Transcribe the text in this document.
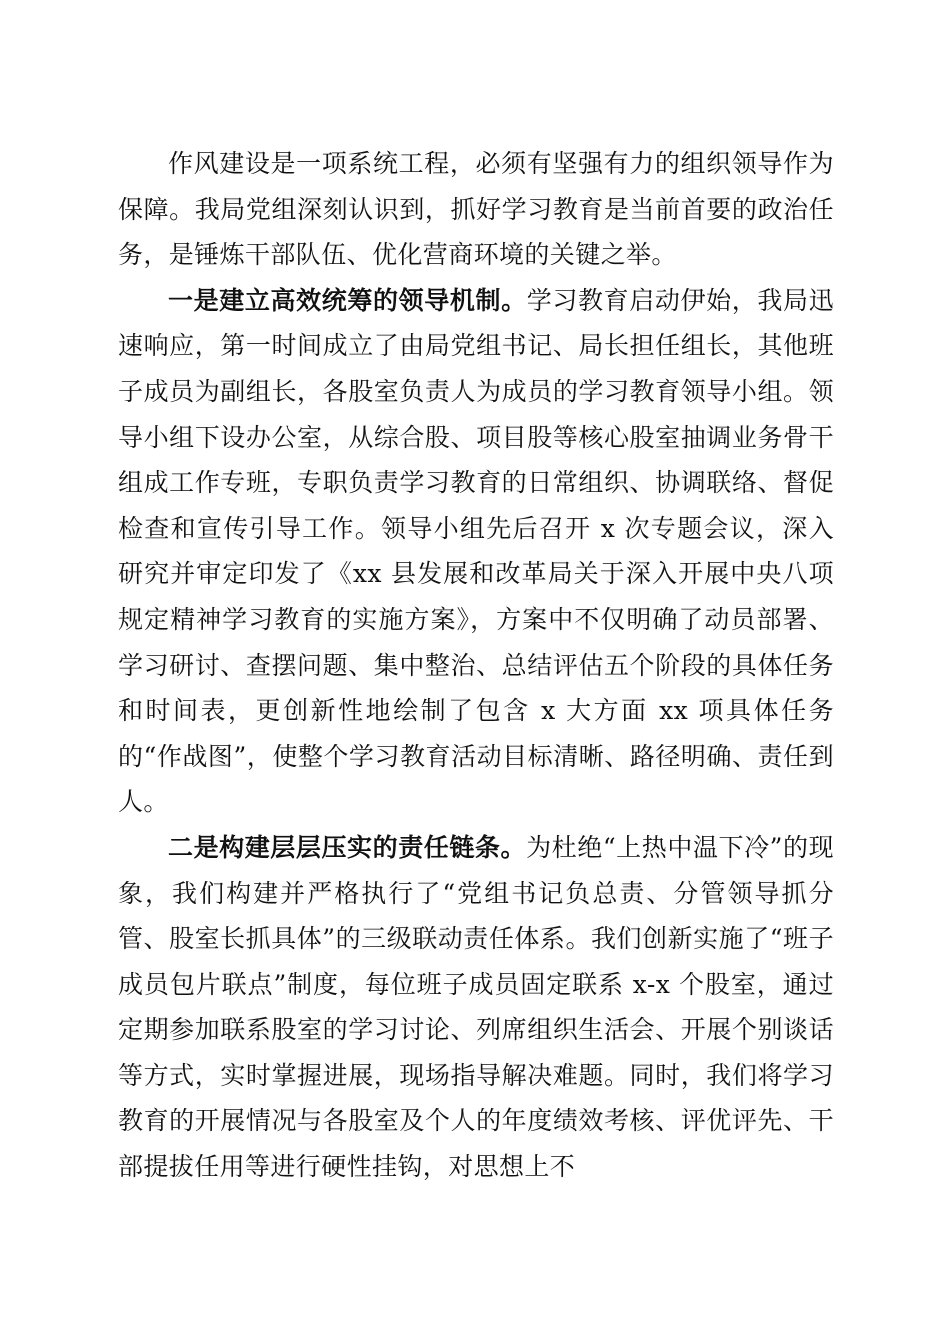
作风建设是一项系统工程，必须有坚强有力的组织领导作为保障。我局党组深刻认识到，抓好学习教育是当前首要的政治任务，是锤炼干部队伍、优化营商环境的关键之举。

一是建立高效统筹的领导机制。学习教育启动伊始，我局迅速响应，第一时间成立了由局党组书记、局长担任组长，其他班子成员为副组长，各股室负责人为成员的学习教育领导小组。领导小组下设办公室，从综合股、项目股等核心股室抽调业务骨干组成工作专班，专职负责学习教育的日常组织、协调联络、督促检查和宣传引导工作。领导小组先后召开 x 次专题会议，深入研究并审定印发了《xx 县发展和改革局关于深入开展中央八项规定精神学习教育的实施方案》，方案中不仅明确了动员部署、学习研讨、查摆问题、集中整治、总结评估五个阶段的具体任务和时间表，更创新性地绘制了包含 x 大方面 xx 项具体任务的“作战图”，使整个学习教育活动目标清晰、路径明确、责任到人。

二是构建层层压实的责任链条。为杜绝“上热中温下冷”的现象，我们构建并严格执行了“党组书记负总责、分管领导抓分管、股室长抓具体”的三级联动责任体系。我们创新实施了“班子成员包片联点”制度，每位班子成员固定联系 x-x 个股室，通过定期参加联系股室的学习讨论、列席组织生活会、开展个别谈话等方式，实时掌握进展，现场指导解决难题。同时，我们将学习教育的开展情况与各股室及个人的年度绩效考核、评优评先、干部提拔任用等进行硬性挂钩，对思想上不
